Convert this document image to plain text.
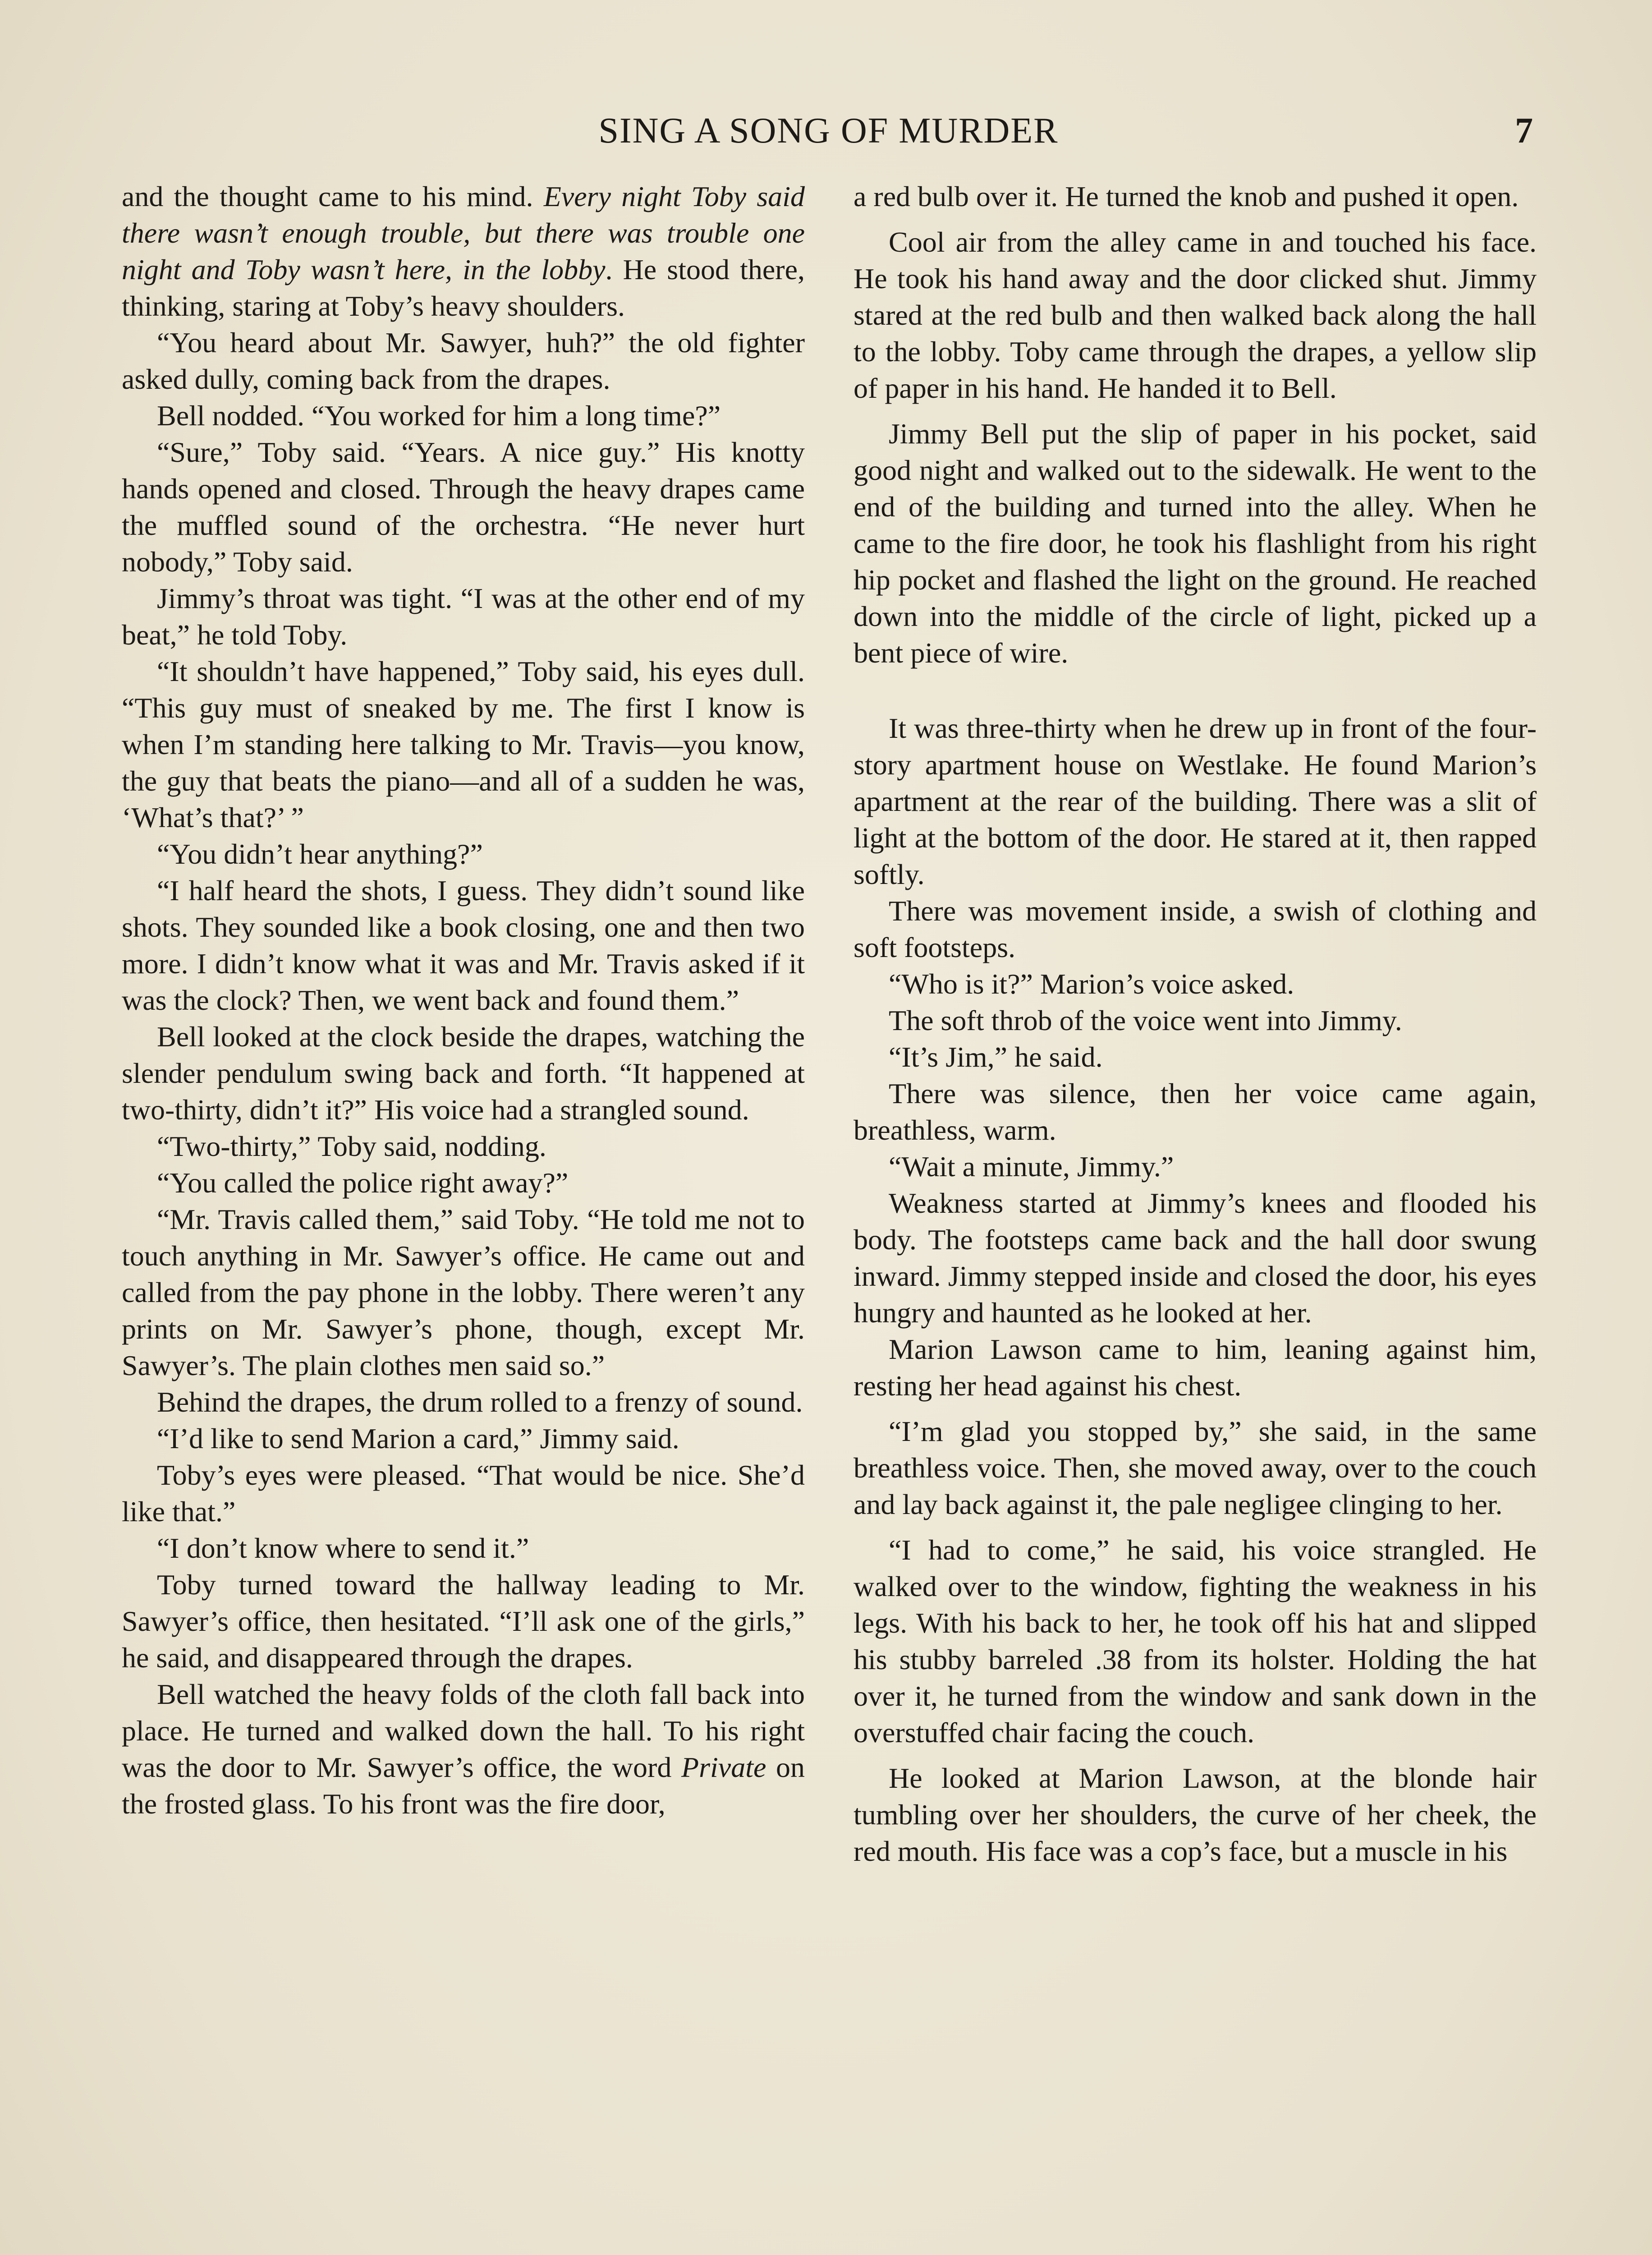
SING A SONG OF MURDER	7

and the thought came to his mind. Every night Toby said there wasn’t enough trouble, but there was trouble one night and Toby wasn’t here, in the lobby. He stood there, thinking, staring at Toby’s heavy shoulders.

“You heard about Mr. Sawyer, huh?” the old fighter asked dully, coming back from the drapes.

Bell nodded. “You worked for him a long time?”

“Sure,” Toby said. “Years. A nice guy.” His knotty hands opened and closed. Through the heavy drapes came the muffled sound of the orchestra. “He never hurt nobody,” Toby said.

Jimmy’s throat was tight. “I was at the other end of my beat,” he told Toby.

“It shouldn’t have happened,” Toby said, his eyes dull. “This guy must of sneaked by me. The first I know is when I’m standing here talking to Mr. Travis—you know, the guy that beats the piano—and all of a sudden he was, ‘What’s that?’ ”

“You didn’t hear anything?”

“I half heard the shots, I guess. They didn’t sound like shots. They sounded like a book closing, one and then two more. I didn’t know what it was and Mr. Travis asked if it was the clock? Then, we went back and found them.”

Bell looked at the clock beside the drapes, watching the slender pendulum swing back and forth. “It happened at two-thirty, didn’t it?” His voice had a strangled sound.

“Two-thirty,” Toby said, nodding.

“You called the police right away?”

“Mr. Travis called them,” said Toby. “He told me not to touch anything in Mr. Sawyer’s office. He came out and called from the pay phone in the lobby. There weren’t any prints on Mr. Sawyer’s phone, though, except Mr. Sawyer’s. The plain clothes men said so.”

Behind the drapes, the drum rolled to a frenzy of sound.

“I’d like to send Marion a card,” Jimmy said.

Toby’s eyes were pleased. “That would be nice. She’d like that.”

“I don’t know where to send it.”

Toby turned toward the hallway leading to Mr. Sawyer’s office, then hesitated. “I’ll ask one of the girls,” he said, and disappeared through the drapes.

Bell watched the heavy folds of the cloth fall back into place. He turned and walked down the hall. To his right was the door to Mr. Sawyer’s office, the word Private on the frosted glass. To his front was the fire door,

a red bulb over it. He turned the knob and pushed it open.

Cool air from the alley came in and touched his face. He took his hand away and the door clicked shut. Jimmy stared at the red bulb and then walked back along the hall to the lobby. Toby came through the drapes, a yellow slip of paper in his hand. He handed it to Bell.

Jimmy Bell put the slip of paper in his pocket, said good night and walked out to the sidewalk. He went to the end of the building and turned into the alley. When he came to the fire door, he took his flashlight from his right hip pocket and flashed the light on the ground. He reached down into the middle of the circle of light, picked up a bent piece of wire.

It was three-thirty when he drew up in front of the four-story apartment house on Westlake. He found Marion’s apartment at the rear of the building. There was a slit of light at the bottom of the door. He stared at it, then rapped softly.

There was movement inside, a swish of clothing and soft footsteps.

“Who is it?” Marion’s voice asked.

The soft throb of the voice went into Jimmy.

“It’s Jim,” he said.

There was silence, then her voice came again, breathless, warm.

“Wait a minute, Jimmy.”

Weakness started at Jimmy’s knees and flooded his body. The footsteps came back and the hall door swung inward. Jimmy stepped inside and closed the door, his eyes hungry and haunted as he looked at her.

Marion Lawson came to him, leaning against him, resting her head against his chest.

“I’m glad you stopped by,” she said, in the same breathless voice. Then, she moved away, over to the couch and lay back against it, the pale negligee clinging to her.

“I had to come,” he said, his voice strangled. He walked over to the window, fighting the weakness in his legs. With his back to her, he took off his hat and slipped his stubby barreled .38 from its holster. Holding the hat over it, he turned from the window and sank down in the overstuffed chair facing the couch.

He looked at Marion Lawson, at the blonde hair tumbling over her shoulders, the curve of her cheek, the red mouth. His face was a cop’s face, but a muscle in his
